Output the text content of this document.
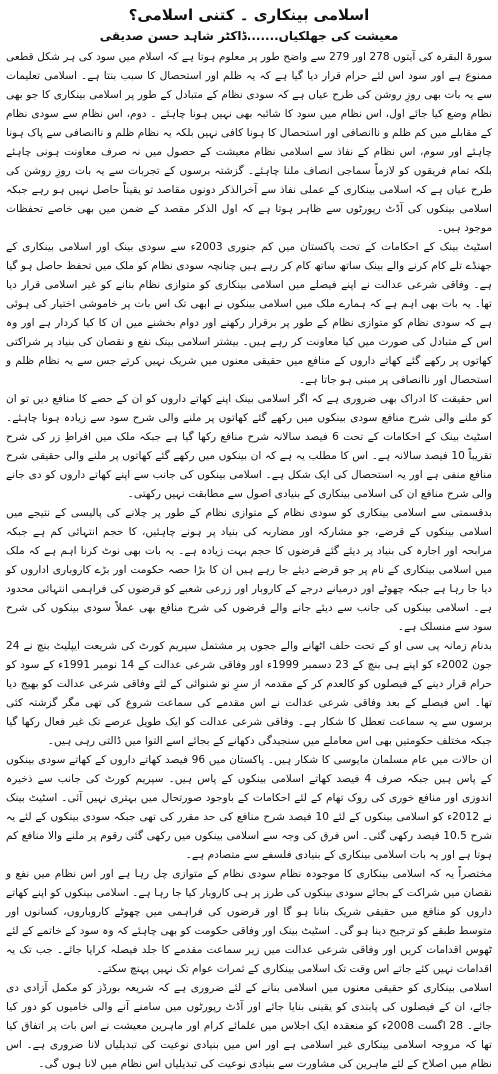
اسلامی بینکاری ۔ کتنی اسلامی؟
معیشت کی جھلکیاں.......ڈاکٹر شاہد حسن صدیقی

سورۃ البقرہ کی آیتوں 278 اور 279 سے واضح طور پر معلوم ہوتا ہے کہ اسلام میں سود کی ہر شکل قطعی ممنوع ہے اور سود اس لئے حرام قرار دیا گیا ہے کہ یہ ظلم اور استحصال کا سبب بنتا ہے۔ اسلامی تعلیمات سے یہ بات بھی روزِ روشن کی طرح عیاں ہے کہ سودی نظام کے متبادل کے طور پر اسلامی بینکاری کا جو بھی نظام وضع کیا جائے اول، اس نظام میں سود کا شائبہ بھی نہیں ہونا چاہئے ۔ دوم، اس نظام سے سودی نظام کے مقابلے میں کم ظلم و ناانصافی اور استحصال کا ہونا کافی نہیں بلکہ یہ نظام ظلم و ناانصافی سے پاک ہونا چاہئے اور سوم، اس نظام کے نفاذ سے اسلامی نظام معیشت کے حصول میں نہ صرف معاونت ہونی چاہئے بلکہ تمام فریقوں کو لازماً سماجی انصاف ملنا چاہئے۔ گزشتہ برسوں کے تجربات سے یہ بات روزِ روشن کی طرح عیاں ہے کہ اسلامی بینکاری کے عملی نفاذ سے آخرالذکر دونوں مقاصد تو یقیناً حاصل نہیں ہو رہے جبکہ اسلامی بینکوں کی آڈٹ رپورٹوں سے ظاہر ہوتا ہے کہ اول الذکر مقصد کے ضمن میں بھی خاصے تحفظات موجود ہیں۔

اسٹیٹ بینک کے احکامات کے تحت پاکستان میں کم جنوری 2003ء سے سودی بینک اور اسلامی بینکاری کے جھنڈے تلے کام کرنے والے بینک ساتھ ساتھ کام کر رہے ہیں چنانچہ سودی نظام کو ملک میں تحفظ حاصل ہو گیا ہے۔ وفاقی شرعی عدالت نے اپنے فیصلے میں اسلامی بینکاری کو متوازی نظام بنانے کو غیر اسلامی قرار دیا تھا۔ یہ بات بھی اہم ہے کہ ہمارے ملک میں اسلامی بینکوں نے ابھی تک اس بات پر خاموشی اختیار کی ہوئی ہے کہ سودی نظام کو متوازی نظام کے طور پر برقرار رکھنے اور دوام بخشنے میں ان کا کیا کردار ہے اور وہ اس کے متبادل کی صورت میں کیا معاونت کر رہے ہیں۔ بیشتر اسلامی بینک نفع و نقصان کی بنیاد پر شراکتی کھاتوں پر رکھے گئے کھاتے داروں کے منافع میں حقیقی معنوں میں شریک نہیں کرتے جس سے یہ نظام ظلم و استحصال اور ناانصافی پر مبنی ہو جاتا ہے۔

اس حقیقت کا ادراک بھی ضروری ہے کہ اگر اسلامی بینک اپنے کھاتے داروں کو ان کے حصے کا منافع دیں تو ان کو ملنے والی شرح منافع سودی بینکوں میں رکھے گئے کھاتوں پر ملنے والی شرح سود سے زیادہ ہونا چاہئے۔ اسٹیٹ بینک کے احکامات کے تحت 6 فیصد سالانہ شرح منافع رکھا گیا ہے جبکہ ملک میں افراطِ زر کی شرح تقریباً 10 فیصد سالانہ ہے۔ اس کا مطلب یہ ہے کہ ان بینکوں میں رکھے گئے کھاتوں پر ملنے والی حقیقی شرح منافع منفی ہے اور یہ استحصال کی ایک شکل ہے۔ اسلامی بینکوں کی جانب سے اپنے کھاتے داروں کو دی جانے والی شرح منافع ان کی اسلامی بینکاری کے بنیادی اصول سے مطابقت نہیں رکھتی۔

بدقسمتی سے اسلامی بینکاری کو سودی نظام کے متوازی نظام کے طور پر چلانے کی پالیسی کے نتیجے میں اسلامی بینکوں کے قرضے، جو مشارکہ اور مضاربہ کی بنیاد پر ہونے چاہئیں، کا حجم انتہائی کم ہے جبکہ مرابحہ اور اجارہ کی بنیاد پر دیئے گئے قرضوں کا حجم بہت زیادہ ہے۔ یہ بات بھی نوٹ کرنا اہم ہے کہ ملک میں اسلامی بینکاری کے نام پر جو قرضے دیئے جا رہے ہیں ان کا بڑا حصہ حکومت اور بڑے کاروباری اداروں کو دیا جا رہا ہے جبکہ چھوٹے اور درمیانے درجے کے کاروبار اور زرعی شعبے کو قرضوں کی فراہمی انتہائی محدود ہے۔ اسلامی بینکوں کی جانب سے دیئے جانے والے قرضوں کی شرح منافع بھی عملاً سودی بینکوں کی شرح سود سے منسلک ہے۔

بدنام زمانہ پی سی او کے تحت حلف اٹھانے والے ججوں پر مشتمل سپریم کورٹ کی شریعت ایپلیٹ بنچ نے 24 جون 2002ء کو اپنے ہی بنچ کے 23 دسمبر 1999ء اور وفاقی شرعی عدالت کے 14 نومبر 1991ء کے سود کو حرام قرار دینے کے فیصلوں کو کالعدم کر کے مقدمہ از سرِ نو شنوائی کے لئے وفاقی شرعی عدالت کو بھیج دیا تھا۔ اس فیصلے کے بعد وفاقی شرعی عدالت نے اس مقدمے کی سماعت شروع کی تھی مگر گزشتہ کئی برسوں سے یہ سماعت تعطل کا شکار ہے۔ وفاقی شرعی عدالت کو ایک طویل عرصے تک غیر فعال رکھا گیا جبکہ مختلف حکومتیں بھی اس معاملے میں سنجیدگی دکھانے کے بجائے اسے التوا میں ڈالتی رہی ہیں۔

ان حالات میں عام مسلمان مایوسی کا شکار ہیں۔ پاکستان میں 96 فیصد کھاتے داروں کے کھاتے سودی بینکوں کے پاس ہیں جبکہ صرف 4 فیصد کھاتے اسلامی بینکوں کے پاس ہیں۔ سپریم کورٹ کی جانب سے ذخیرہ اندوزی اور منافع خوری کی روک تھام کے لئے احکامات کے باوجود صورتحال میں بہتری نہیں آئی۔ اسٹیٹ بینک نے 2012ء کو اسلامی بینکوں کے لئے 10 فیصد شرح منافع کی حد مقرر کی تھی جبکہ سودی بینکوں کے لئے یہ شرح 10.5 فیصد رکھی گئی۔ اس فرق کی وجہ سے اسلامی بینکوں میں رکھی گئی رقوم پر ملنے والا منافع کم ہوتا ہے اور یہ بات اسلامی بینکاری کے بنیادی فلسفے سے متصادم ہے۔

مختصراً یہ کہ اسلامی بینکاری کا موجودہ نظام سودی نظام کے متوازی چل رہا ہے اور اس نظام میں نفع و نقصان میں شراکت کے بجائے سودی بینکوں کی طرز پر ہی کاروبار کیا جا رہا ہے۔ اسلامی بینکوں کو اپنے کھاتے داروں کو منافع میں حقیقی شریک بنانا ہو گا اور قرضوں کی فراہمی میں چھوٹے کاروباروں، کسانوں اور متوسط طبقے کو ترجیح دینا ہو گی۔ اسٹیٹ بینک اور وفاقی حکومت کو بھی چاہئے کہ وہ سود کے خاتمے کے لئے ٹھوس اقدامات کریں اور وفاقی شرعی عدالت میں زیر سماعت مقدمے کا جلد فیصلہ کرایا جائے۔ جب تک یہ اقدامات نہیں کئے جاتے اس وقت تک اسلامی بینکاری کے ثمرات عوام تک نہیں پہنچ سکتے۔

اسلامی بینکاری کو حقیقی معنوں میں اسلامی بنانے کے لئے ضروری ہے کہ شریعہ بورڈز کو مکمل آزادی دی جائے، ان کے فیصلوں کی پابندی کو یقینی بنایا جائے اور آڈٹ رپورٹوں میں سامنے آنے والی خامیوں کو دور کیا جائے۔ 28 اگست 2008ء کو منعقدہ ایک اجلاس میں علمائے کرام اور ماہرین معیشت نے اس بات پر اتفاق کیا تھا کہ مروجہ اسلامی بینکاری غیر اسلامی ہے اور اس میں بنیادی نوعیت کی تبدیلیاں لانا ضروری ہے۔ اس نظام میں اصلاح کے لئے ماہرین کی مشاورت سے بنیادی نوعیت کی تبدیلیاں اس نظام میں لانا ہوں گی۔
